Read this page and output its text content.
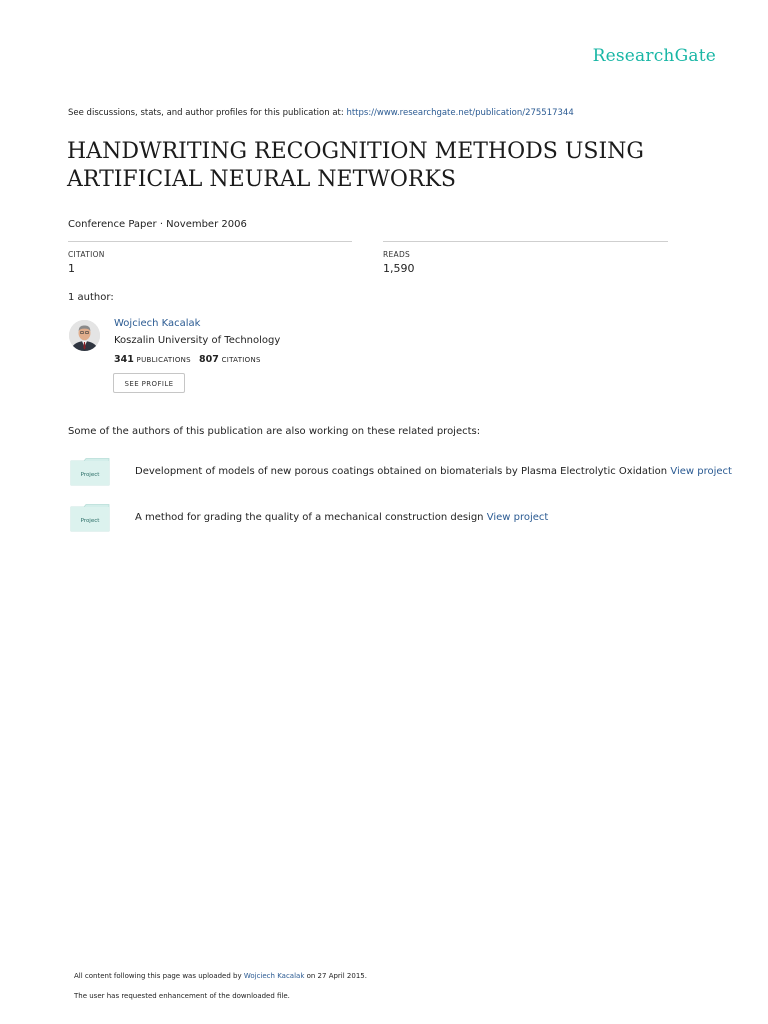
ResearchGate
See discussions, stats, and author profiles for this publication at: https://www.researchgate.net/publication/275517344
HANDWRITING RECOGNITION METHODS USING
ARTIFICIAL NEURAL NETWORKS
Conference Paper · November 2006
CITATION
1
READS
1,590
1 author:
Wojciech Kacalak
Koszalin University of Technology
341 PUBLICATIONS 807 CITATIONS
SEE PROFILE
Some of the authors of this publication are also working on these related projects:
Project	Development of models of new porous coatings obtained on biomaterials by Plasma Electrolytic Oxidation View project
Project	A method for grading the quality of a mechanical construction design View project
All content following this page was uploaded by Wojciech Kacalak on 27 April 2015.
The user has requested enhancement of the downloaded file.
